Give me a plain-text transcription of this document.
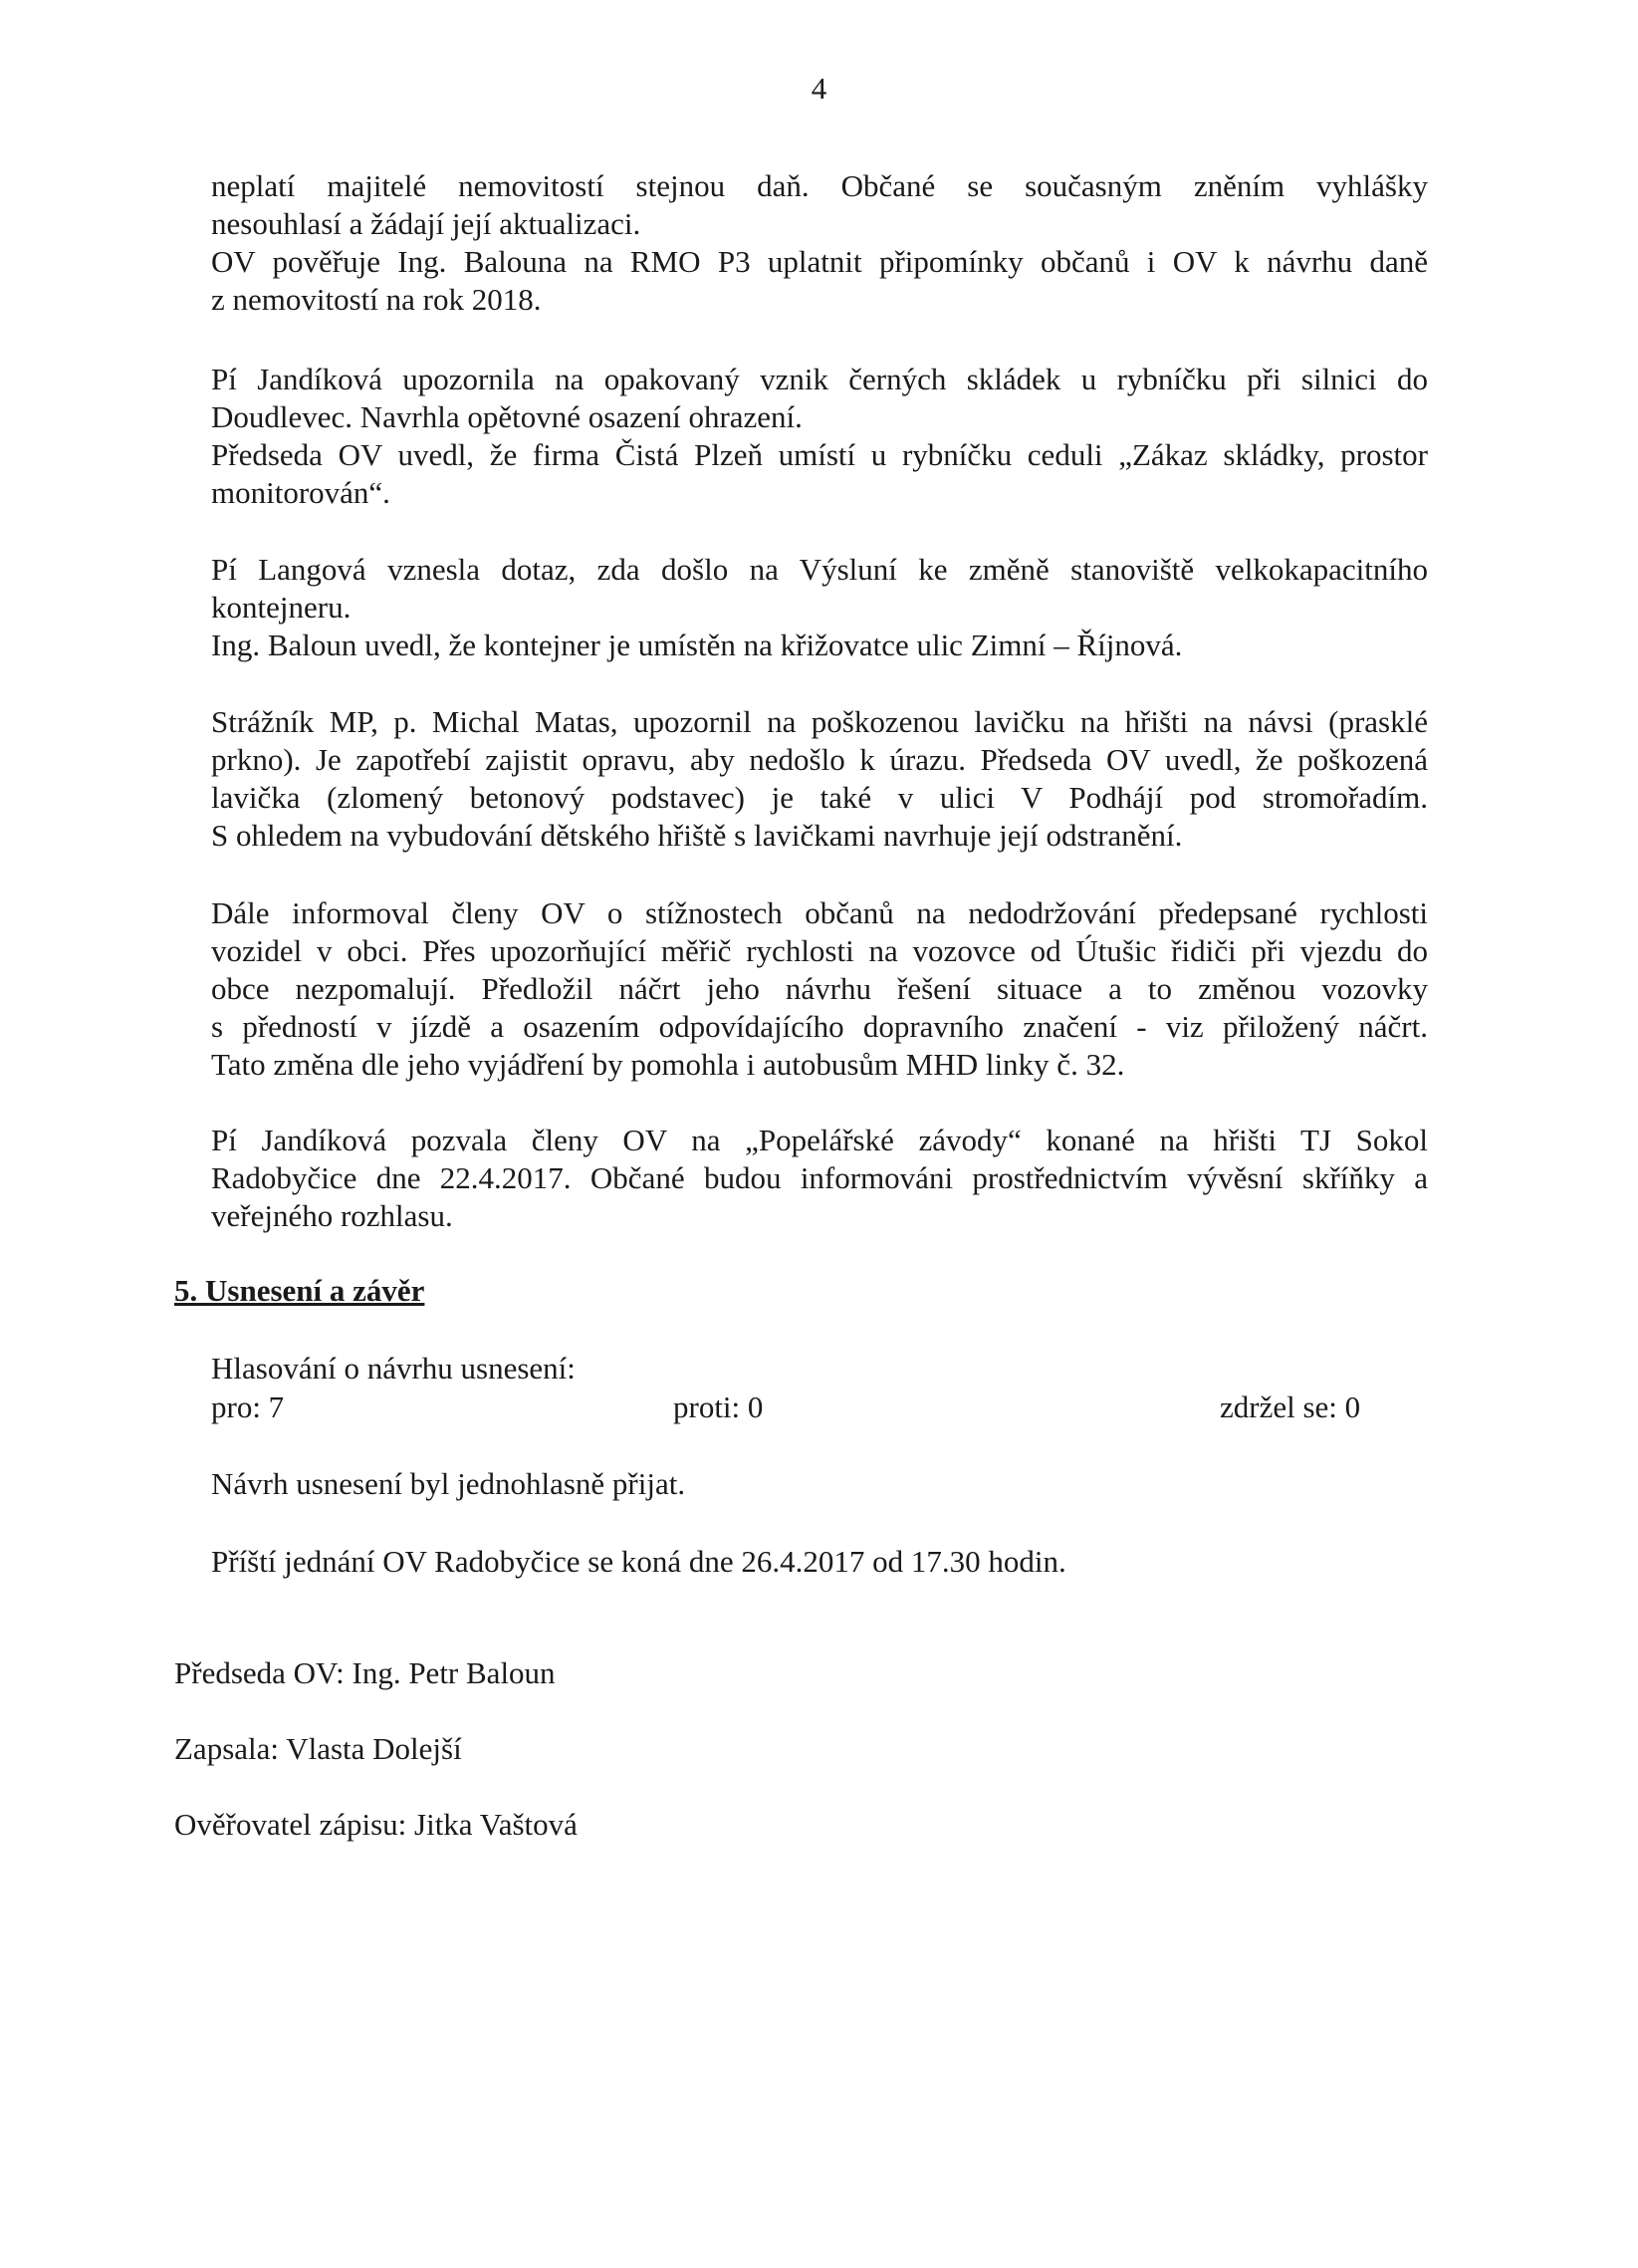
4
neplatí majitelé nemovitostí stejnou daň. Občané se současným zněním vyhlášky
nesouhlasí a žádají její aktualizaci.
OV pověřuje Ing. Balouna na RMO P3 uplatnit připomínky občanů i OV k návrhu daně
z nemovitostí na rok 2018.
Pí Jandíková upozornila na opakovaný vznik černých skládek u rybníčku při silnici do
Doudlevec. Navrhla opětovné osazení ohrazení.
Předseda OV uvedl, že firma Čistá Plzeň umístí u rybníčku ceduli „Zákaz skládky, prostor
monitorován“.
Pí Langová vznesla dotaz, zda došlo na Výsluní ke změně stanoviště velkokapacitního
kontejneru.
Ing. Baloun uvedl, že kontejner je umístěn na křižovatce ulic Zimní – Říjnová.
Strážník MP, p. Michal Matas, upozornil na poškozenou lavičku na hřišti na návsi (prasklé
prkno). Je zapotřebí zajistit opravu, aby nedošlo k úrazu. Předseda OV uvedl, že poškozená
lavička (zlomený betonový podstavec) je také v ulici V Podhájí pod stromořadím.
S ohledem na vybudování dětského hřiště s lavičkami navrhuje její odstranění.
Dále informoval členy OV o stížnostech občanů na nedodržování předepsané rychlosti
vozidel v obci. Přes upozorňující měřič rychlosti na vozovce od Útušic řidiči při vjezdu do
obce nezpomalují. Předložil náčrt jeho návrhu řešení situace a to změnou vozovky
s předností v jízdě a osazením odpovídajícího dopravního značení - viz přiložený náčrt.
Tato změna dle jeho vyjádření by pomohla i autobusům MHD linky č. 32.
Pí Jandíková pozvala členy OV na „Popelářské závody“ konané na hřišti TJ Sokol
Radobyčice dne 22.4.2017. Občané budou informováni prostřednictvím vývěsní skříňky a
veřejného rozhlasu.
5. Usnesení a závěr
Hlasování o návrhu usnesení:
pro: 7	proti: 0	zdržel se: 0
Návrh usnesení byl jednohlasně přijat.
Příští jednání OV Radobyčice se koná dne 26.4.2017 od 17.30 hodin.
Předseda OV: Ing. Petr Baloun
Zapsala: Vlasta Dolejší
Ověřovatel zápisu: Jitka Vaštová
